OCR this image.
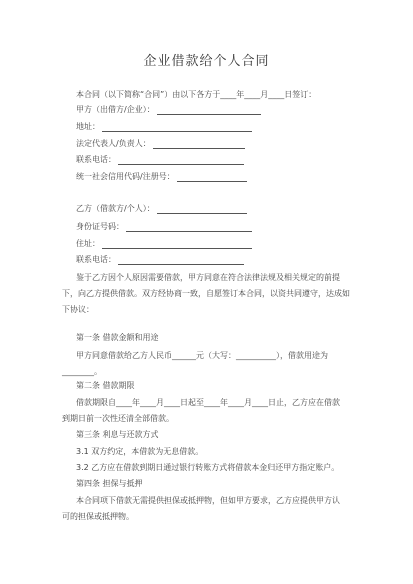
企业借款给个人合同
本合同（以下简称“合同”）由以下各方于____年____月____日签订：
甲方（出借方/企业）：
地址：
法定代表人/负责人：
联系电话：
统一社会信用代码/注册号：
乙方（借款方/个人）：
身份证号码：
住址：
联系电话：
鉴于乙方因个人原因需要借款，甲方同意在符合法律法规及相关规定的前提下，向乙方提供借款。双方经协商一致，自愿签订本合同，以资共同遵守，达成如下协议：
第一条 借款金额和用途
甲方同意借款给乙方人民币______元（大写：__________），借款用途为
________。
第二条 借款期限
借款期限自____年____月____日起至____年____月____日止，乙方应在借款
到期日前一次性还清全部借款。
第三条 利息与还款方式
3.1 双方约定，本借款为无息借款。
3.2 乙方应在借款到期日通过银行转账方式将借款本金归还甲方指定账户。
第四条 担保与抵押
本合同项下借款无需提供担保或抵押物，但如甲方要求，乙方应提供甲方认
可的担保或抵押物。
